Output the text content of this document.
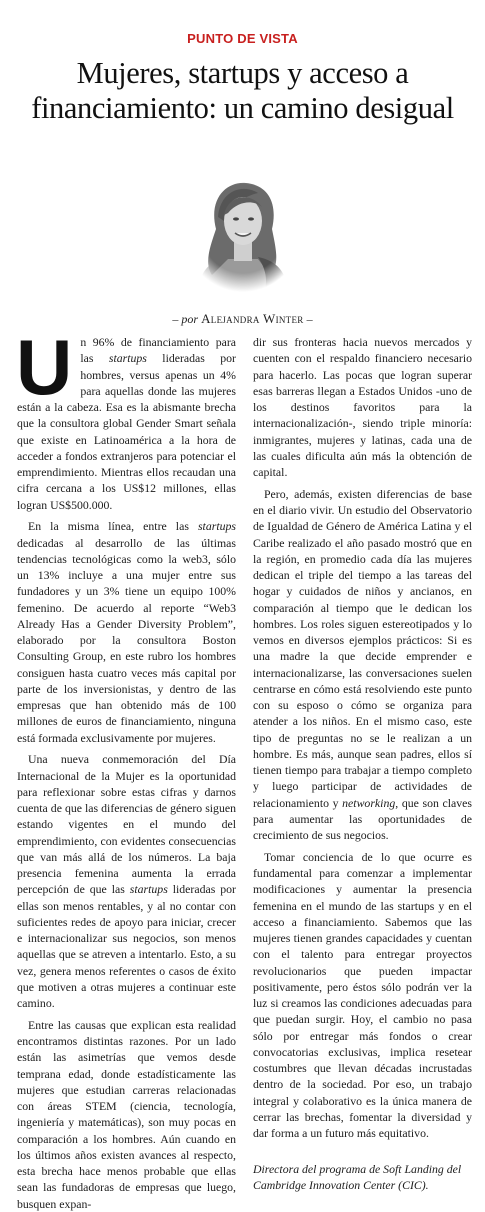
PUNTO DE VISTA
Mujeres, startups y acceso a financiamiento: un camino desigual
– por Alejandra Winter –

Un 96% de financiamiento para las startups lideradas por hombres, versus apenas un 4% para aquellas donde las mujeres están a la cabeza. Esa es la abismante brecha que la consultora global Gender Smart señala que existe en Latinoamérica a la hora de acceder a fondos extranjeros para potenciar el emprendimiento. Mientras ellos recaudan una cifra cercana a los US$12 millones, ellas logran US$500.000.

En la misma línea, entre las startups dedicadas al desarrollo de las últimas tendencias tecnológicas como la web3, sólo un 13% incluye a una mujer entre sus fundadores y un 3% tiene un equipo 100% femenino. De acuerdo al reporte “Web3 Already Has a Gender Diversity Problem”, elaborado por la consultora Boston Consulting Group, en este rubro los hombres consiguen hasta cuatro veces más capital por parte de los inversionistas, y dentro de las empresas que han obtenido más de 100 millones de euros de financiamiento, ninguna está formada exclusivamente por mujeres.

Una nueva conmemoración del Día Internacional de la Mujer es la oportunidad para reflexionar sobre estas cifras y darnos cuenta de que las diferencias de género siguen estando vigentes en el mundo del emprendimiento, con evidentes consecuencias que van más allá de los números. La baja presencia femenina aumenta la errada percepción de que las startups lideradas por ellas son menos rentables, y al no contar con suficientes redes de apoyo para iniciar, crecer e internacionalizar sus negocios, son menos aquellas que se atreven a intentarlo. Esto, a su vez, genera menos referentes o casos de éxito que motiven a otras mujeres a continuar este camino.

Entre las causas que explican esta realidad encontramos distintas razones. Por un lado están las asimetrías que vemos desde temprana edad, donde estadísticamente las mujeres que estudian carreras relacionadas con áreas STEM (ciencia, tecnología, ingeniería y matemáticas), son muy pocas en comparación a los hombres. Aún cuando en los últimos años existen avances al respecto, esta brecha hace menos probable que ellas sean las fundadoras de empresas que luego, busquen expan-

dir sus fronteras hacia nuevos mercados y cuenten con el respaldo financiero necesario para hacerlo. Las pocas que logran superar esas barreras llegan a Estados Unidos -uno de los destinos favoritos para la internacionalización-, siendo triple minoría: inmigrantes, mujeres y latinas, cada una de las cuales dificulta aún más la obtención de capital.

Pero, además, existen diferencias de base en el diario vivir. Un estudio del Observatorio de Igualdad de Género de América Latina y el Caribe realizado el año pasado mostró que en la región, en promedio cada día las mujeres dedican el triple del tiempo a las tareas del hogar y cuidados de niños y ancianos, en comparación al tiempo que le dedican los hombres. Los roles siguen estereotipados y lo vemos en diversos ejemplos prácticos: Si es una madre la que decide emprender e internacionalizarse, las conversaciones suelen centrarse en cómo está resolviendo este punto con su esposo o cómo se organiza para atender a los niños. En el mismo caso, este tipo de preguntas no se le realizan a un hombre. Es más, aunque sean padres, ellos sí tienen tiempo para trabajar a tiempo completo y luego participar de actividades de relacionamiento y networking, que son claves para aumentar las oportunidades de crecimiento de sus negocios.

Tomar conciencia de lo que ocurre es fundamental para comenzar a implementar modificaciones y aumentar la presencia femenina en el mundo de las startups y en el acceso a financiamiento. Sabemos que las mujeres tienen grandes capacidades y cuentan con el talento para entregar proyectos revolucionarios que pueden impactar positivamente, pero éstos sólo podrán ver la luz si creamos las condiciones adecuadas para que puedan surgir. Hoy, el cambio no pasa sólo por entregar más fondos o crear convocatorias exclusivas, implica resetear costumbres que llevan décadas incrustadas dentro de la sociedad. Por eso, un trabajo integral y colaborativo es la única manera de cerrar las brechas, fomentar la diversidad y dar forma a un futuro más equitativo.

Directora del programa de Soft Landing del Cambridge Innovation Center (CIC).
